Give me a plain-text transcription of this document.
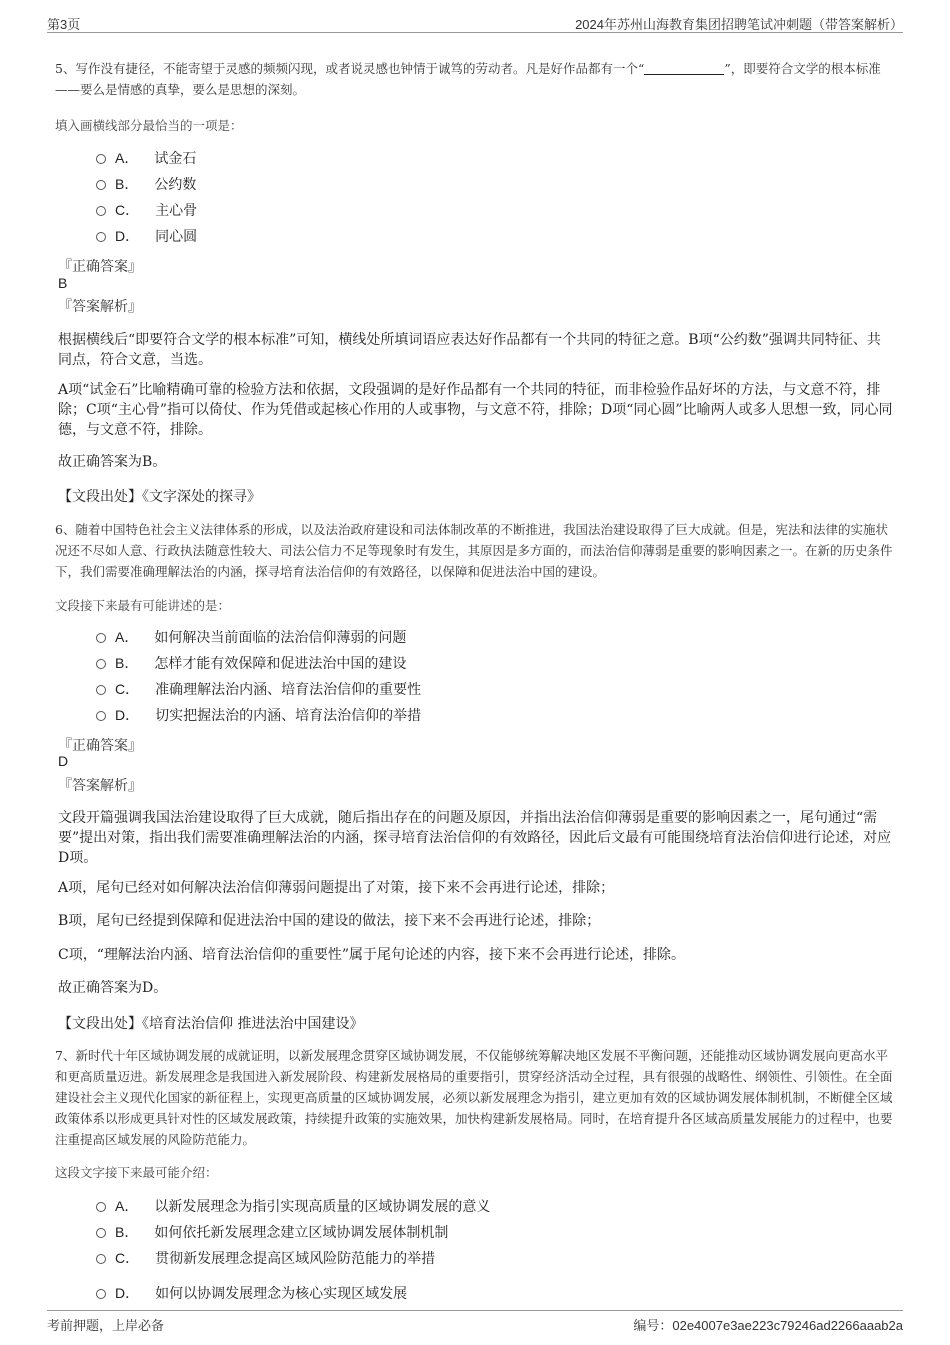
第3页	2024年苏州山海教育集团招聘笔试冲刺题（带答案解析）
5、写作没有捷径，不能寄望于灵感的频频闪现，或者说灵感也钟情于诚笃的劳动者。凡是好作品都有一个“	”，即要符合文学的根本标准——要么是情感的真挚，要么是思想的深刻。
填入画横线部分最恰当的一项是：
A． 试金石
B． 公约数
C． 主心骨
D． 同心圆
『正确答案』
B
『答案解析』
根据横线后“即要符合文学的根本标准”可知，横线处所填词语应表达好作品都有一个共同的特征之意。B项“公约数”强调共同特征、共同点，符合文意，当选。
A项“试金石”比喻精确可靠的检验方法和依据，文段强调的是好作品都有一个共同的特征，而非检验作品好坏的方法，与文意不符，排除；C项“主心骨”指可以倚仗、作为凭借或起核心作用的人或事物，与文意不符，排除；D项“同心圆”比喻两人或多人思想一致，同心同德，与文意不符，排除。
故正确答案为B。
【文段出处】《文字深处的探寻》
6、随着中国特色社会主义法律体系的形成，以及法治政府建设和司法体制改革的不断推进，我国法治建设取得了巨大成就。但是，宪法和法律的实施状况还不尽如人意、行政执法随意性较大、司法公信力不足等现象时有发生，其原因是多方面的，而法治信仰薄弱是重要的影响因素之一。在新的历史条件下，我们需要准确理解法治的内涵，探寻培育法治信仰的有效路径，以保障和促进法治中国的建设。
文段接下来最有可能讲述的是：
A． 如何解决当前面临的法治信仰薄弱的问题
B． 怎样才能有效保障和促进法治中国的建设
C． 准确理解法治内涵、培育法治信仰的重要性
D． 切实把握法治的内涵、培育法治信仰的举措
『正确答案』
D
『答案解析』
文段开篇强调我国法治建设取得了巨大成就，随后指出存在的问题及原因，并指出法治信仰薄弱是重要的影响因素之一，尾句通过“需要”提出对策，指出我们需要准确理解法治的内涵，探寻培育法治信仰的有效路径，因此后文最有可能围绕培育法治信仰进行论述，对应D项。
A项，尾句已经对如何解决法治信仰薄弱问题提出了对策，接下来不会再进行论述，排除；
B项，尾句已经提到保障和促进法治中国的建设的做法，接下来不会再进行论述，排除；
C项，“理解法治内涵、培育法治信仰的重要性”属于尾句论述的内容，接下来不会再进行论述，排除。
故正确答案为D。
【文段出处】《培育法治信仰 推进法治中国建设》
7、新时代十年区域协调发展的成就证明，以新发展理念贯穿区域协调发展，不仅能够统筹解决地区发展不平衡问题，还能推动区域协调发展向更高水平和更高质量迈进。新发展理念是我国进入新发展阶段、构建新发展格局的重要指引，贯穿经济活动全过程，具有很强的战略性、纲领性、引领性。在全面建设社会主义现代化国家的新征程上，实现更高质量的区域协调发展，必须以新发展理念为指引，建立更加有效的区域协调发展体制机制，不断健全区域政策体系以形成更具针对性的区域发展政策，持续提升政策的实施效果，加快构建新发展格局。同时，在培育提升各区域高质量发展能力的过程中，也要注重提高区域发展的风险防范能力。
这段文字接下来最可能介绍：
A． 以新发展理念为指引实现高质量的区域协调发展的意义
B． 如何依托新发展理念建立区域协调发展体制机制
C． 贯彻新发展理念提高区域风险防范能力的举措
D． 如何以协调发展理念为核心实现区域发展
考前押题，上岸必备	编号：02e4007e3ae223c79246ad2266aaab2a
